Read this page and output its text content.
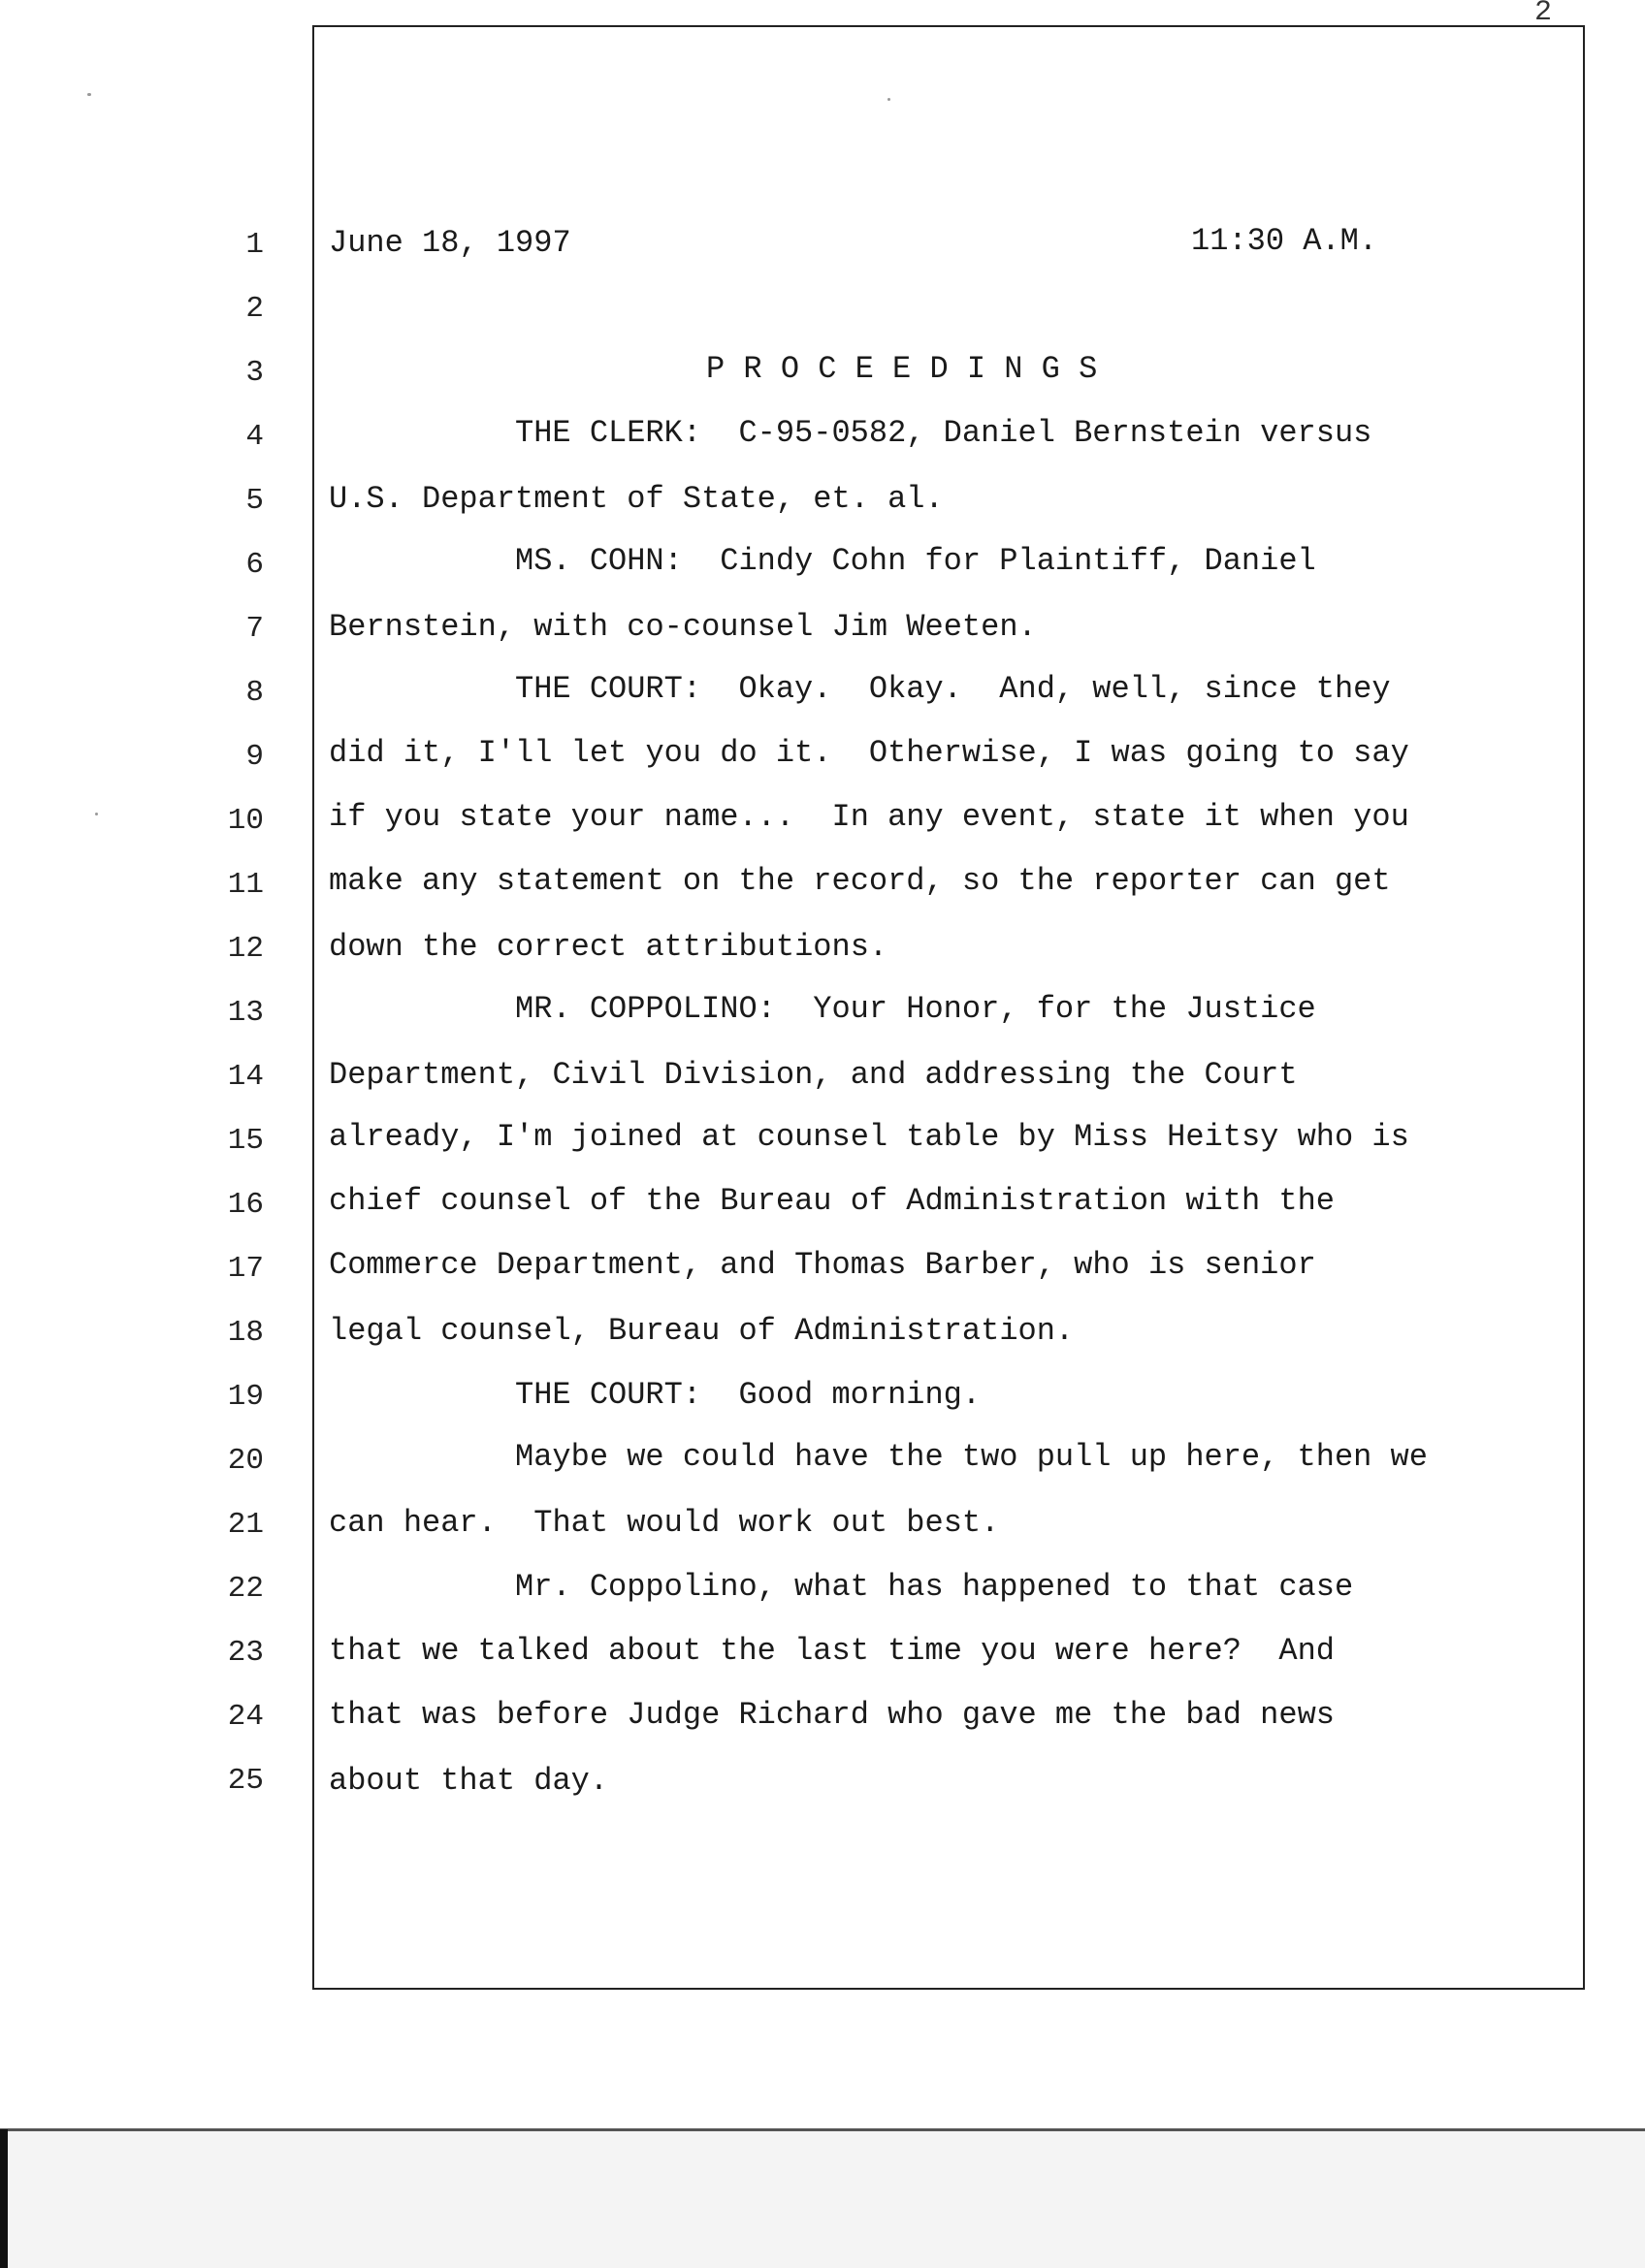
2
1
2
3
4
5
6
7
8
9
10
11
12
13
14
15
16
17
18
19
20
21
22
23
24
25
June 18, 1997	11:30 A.M.
P R O C E E D I N G S
THE CLERK:  C-95-0582, Daniel Bernstein versus
U.S. Department of State, et. al.
MS. COHN:  Cindy Cohn for Plaintiff, Daniel
Bernstein, with co-counsel Jim Weeten.
THE COURT:  Okay.  Okay.  And, well, since they
did it, I'll let you do it.  Otherwise, I was going to say
if you state your name...  In any event, state it when you
make any statement on the record, so the reporter can get
down the correct attributions.
MR. COPPOLINO:  Your Honor, for the Justice
Department, Civil Division, and addressing the Court
already, I'm joined at counsel table by Miss Heitsy who is
chief counsel of the Bureau of Administration with the
Commerce Department, and Thomas Barber, who is senior
legal counsel, Bureau of Administration.
THE COURT:  Good morning.
Maybe we could have the two pull up here, then we
can hear.  That would work out best.
Mr. Coppolino, what has happened to that case
that we talked about the last time you were here?  And
that was before Judge Richard who gave me the bad news
about that day.
